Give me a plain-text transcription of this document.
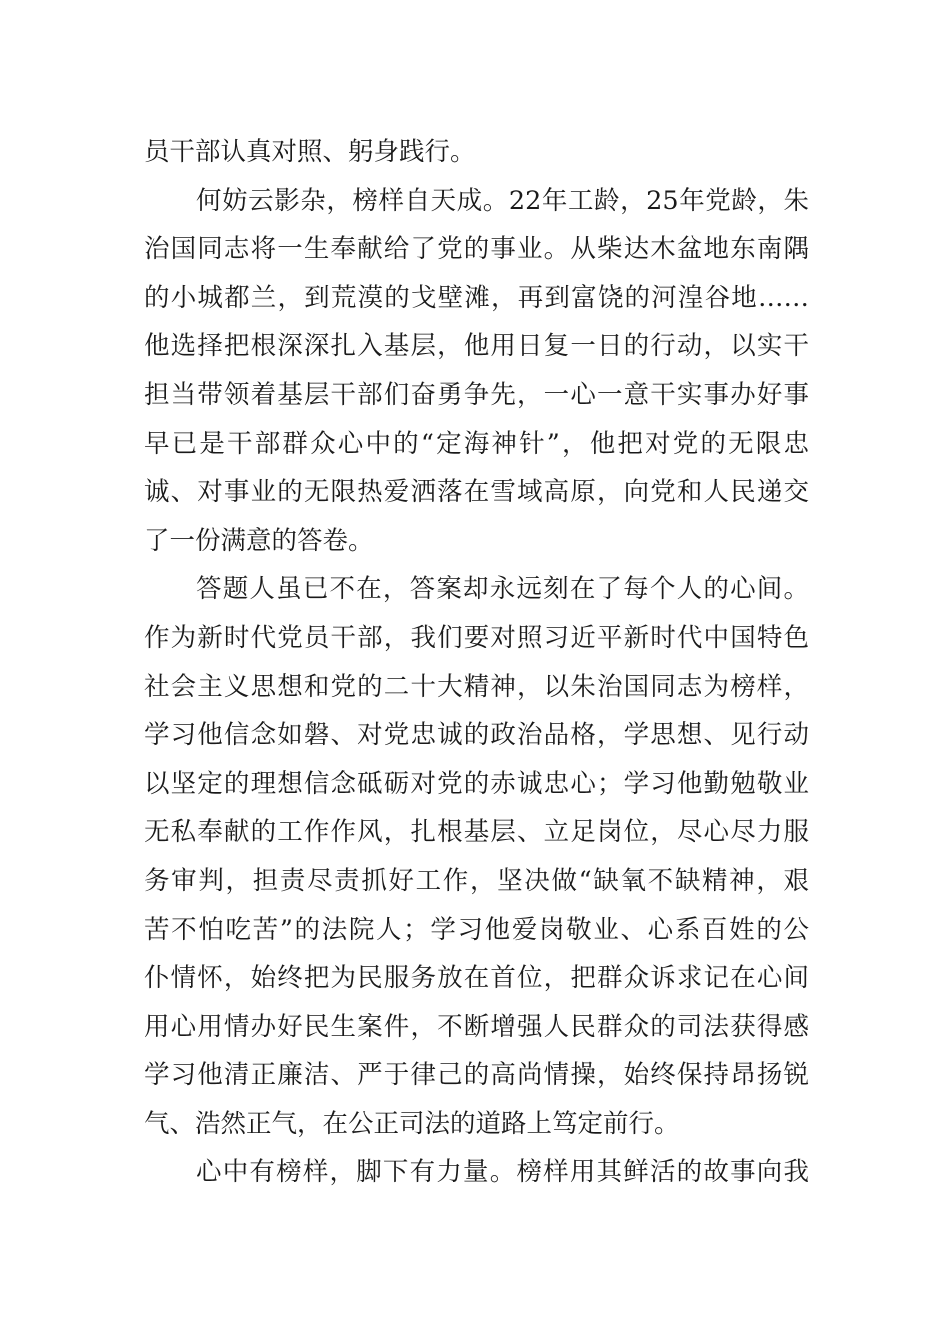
员干部认真对照、躬身践行。
何妨云影杂，榜样自天成。22年工龄，25年党龄，朱
治国同志将一生奉献给了党的事业。从柴达木盆地东南隅
的小城都兰，到荒漠的戈壁滩，再到富饶的河湟谷地……
他选择把根深深扎入基层，他用日复一日的行动，以实干
担当带领着基层干部们奋勇争先，一心一意干实事办好事
早已是干部群众心中的“定海神针”，他把对党的无限忠
诚、对事业的无限热爱洒落在雪域高原，向党和人民递交
了一份满意的答卷。
答题人虽已不在，答案却永远刻在了每个人的心间。
作为新时代党员干部，我们要对照习近平新时代中国特色
社会主义思想和党的二十大精神，以朱治国同志为榜样，
学习他信念如磐、对党忠诚的政治品格，学思想、见行动
以坚定的理想信念砥砺对党的赤诚忠心；学习他勤勉敬业
无私奉献的工作作风，扎根基层、立足岗位，尽心尽力服
务审判，担责尽责抓好工作，坚决做“缺氧不缺精神，艰
苦不怕吃苦”的法院人；学习他爱岗敬业、心系百姓的公
仆情怀，始终把为民服务放在首位，把群众诉求记在心间
用心用情办好民生案件，不断增强人民群众的司法获得感
学习他清正廉洁、严于律己的高尚情操，始终保持昂扬锐
气、浩然正气，在公正司法的道路上笃定前行。
心中有榜样，脚下有力量。榜样用其鲜活的故事向我
